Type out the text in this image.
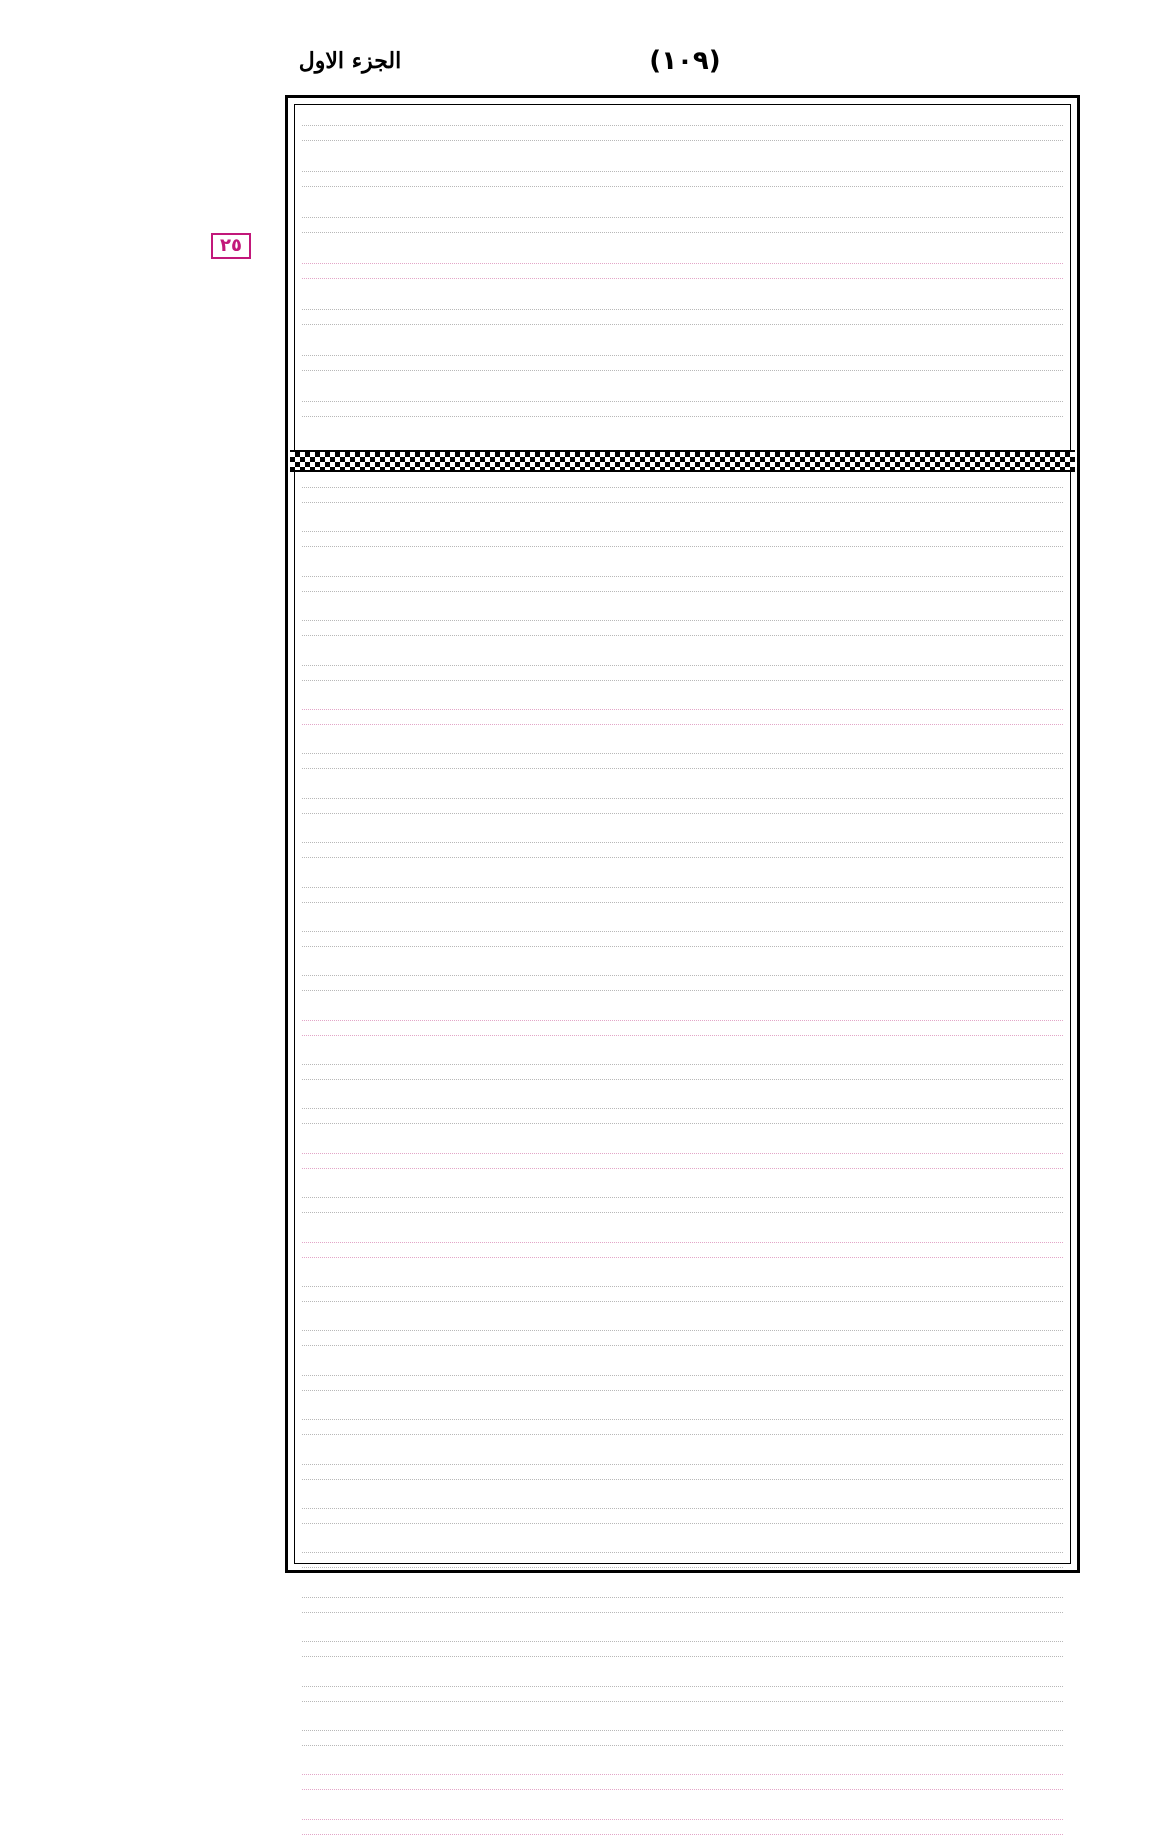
الجزء الاول	(١٠٩)
٢٥
